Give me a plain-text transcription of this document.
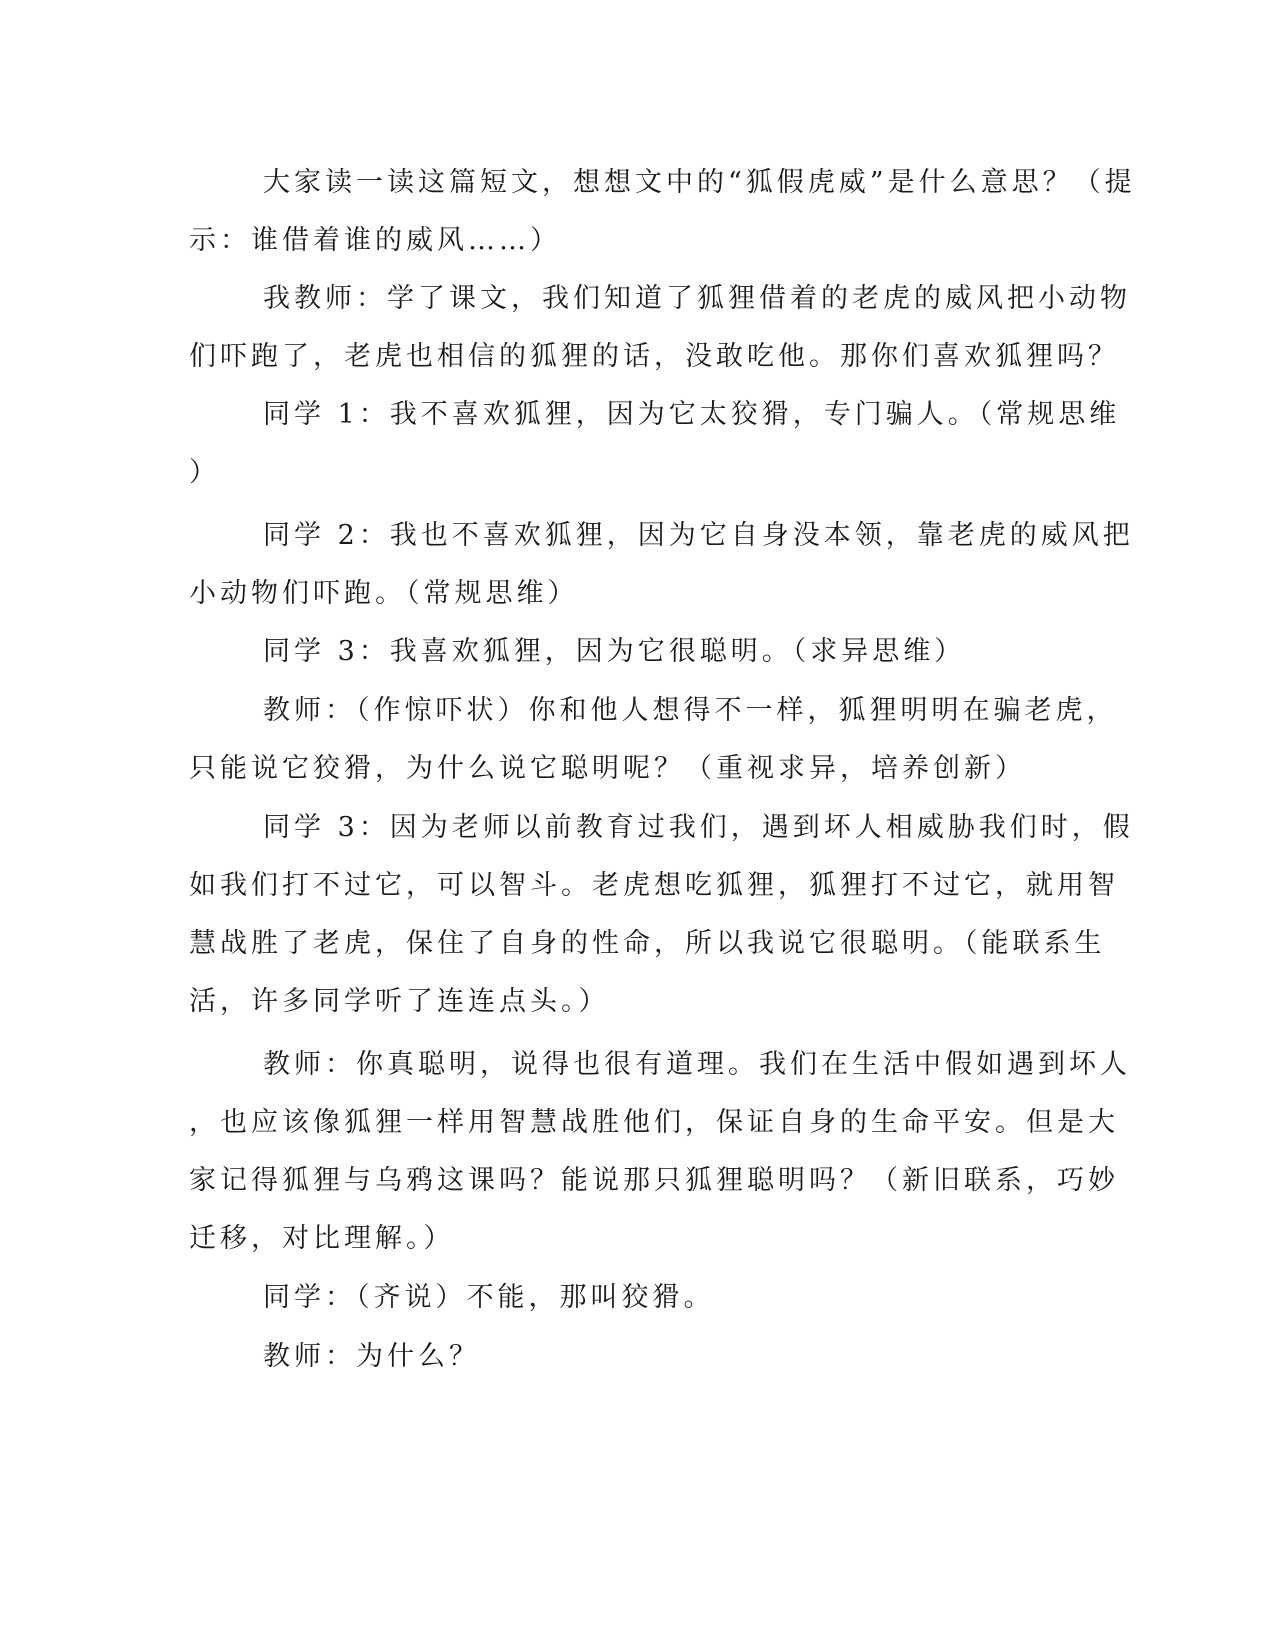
大家读一读这篇短文，想想文中的“狐假虎威”是什么意思？（提
示：谁借着谁的威风……）
我教师：学了课文，我们知道了狐狸借着的老虎的威风把小动物
们吓跑了，老虎也相信的狐狸的话，没敢吃他。那你们喜欢狐狸吗？
同学 1：我不喜欢狐狸，因为它太狡猾，专门骗人。（常规思维
）
同学 2：我也不喜欢狐狸，因为它自身没本领，靠老虎的威风把
小动物们吓跑。（常规思维）
同学 3：我喜欢狐狸，因为它很聪明。（求异思维）
教师：（作惊吓状）你和他人想得不一样，狐狸明明在骗老虎，
只能说它狡猾，为什么说它聪明呢？（重视求异，培养创新）
同学 3：因为老师以前教育过我们，遇到坏人相威胁我们时，假
如我们打不过它，可以智斗。老虎想吃狐狸，狐狸打不过它，就用智
慧战胜了老虎，保住了自身的性命，所以我说它很聪明。（能联系生
活，许多同学听了连连点头。）
教师：你真聪明，说得也很有道理。我们在生活中假如遇到坏人
，也应该像狐狸一样用智慧战胜他们，保证自身的生命平安。但是大
家记得狐狸与乌鸦这课吗？能说那只狐狸聪明吗？（新旧联系，巧妙
迁移，对比理解。）
同学：（齐说）不能，那叫狡猾。
教师：为什么？
